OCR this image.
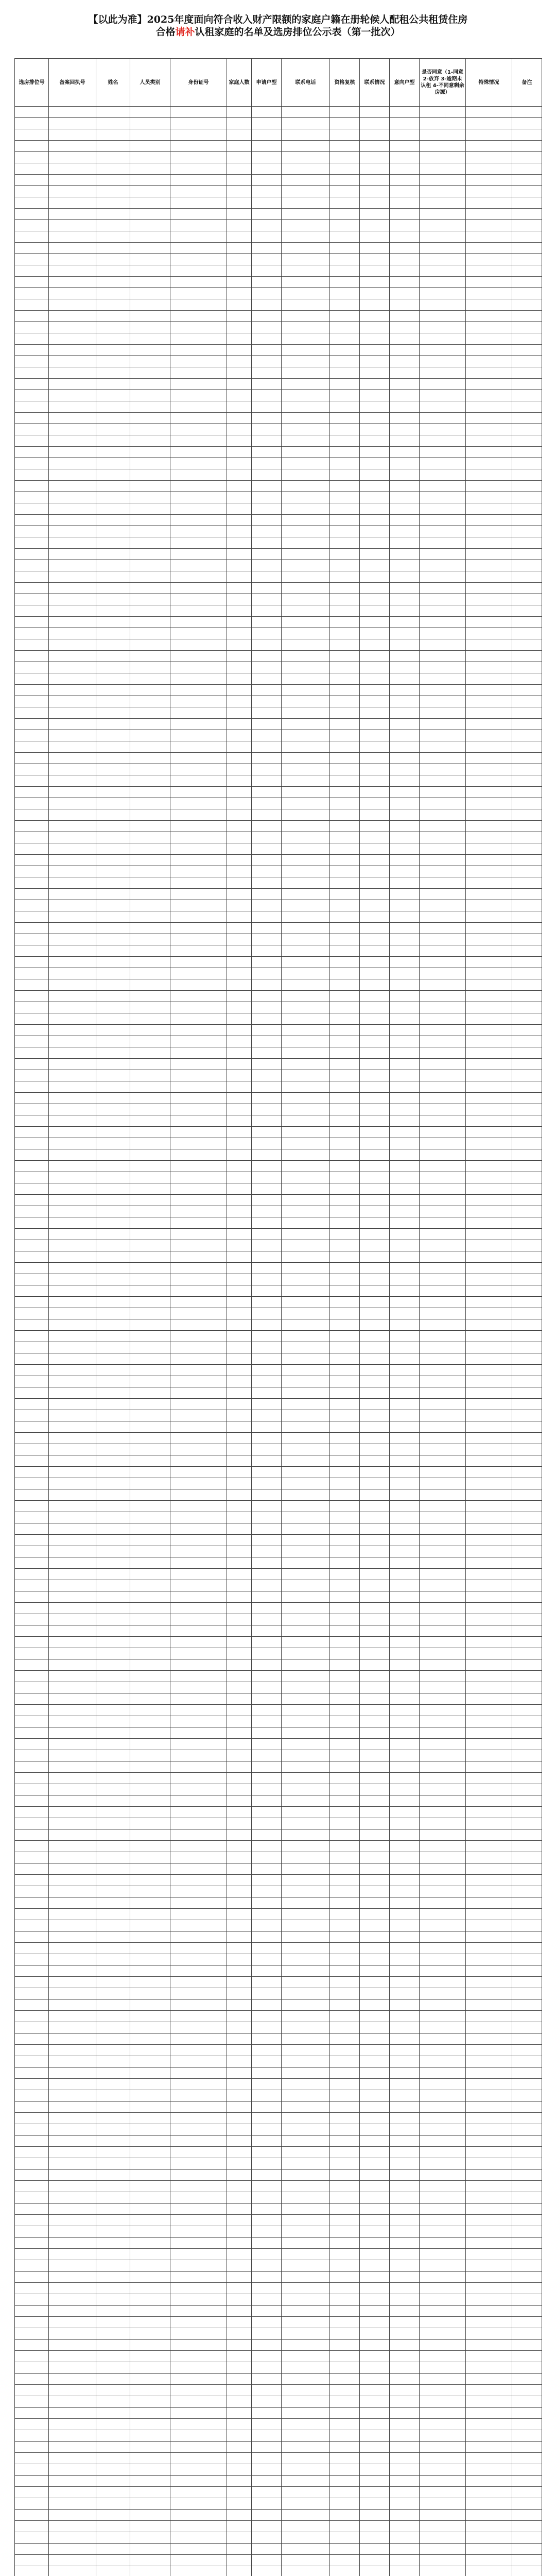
【以此为准】2025年度面向符合收入财产限额的家庭户籍在册轮候人配租公共租赁住房
合格请补认租家庭的名单及选房排位公示表（第一批次）
选房排位号	备案回执号	姓名	人员类别	身份证号	家庭人数	申请户型	联系电话	资格复核	联系情况	意向户型	是否同意（1-同意 2-放弃 3-逾期未认租 4-不同意剩余房源）	特殊情况	备注
